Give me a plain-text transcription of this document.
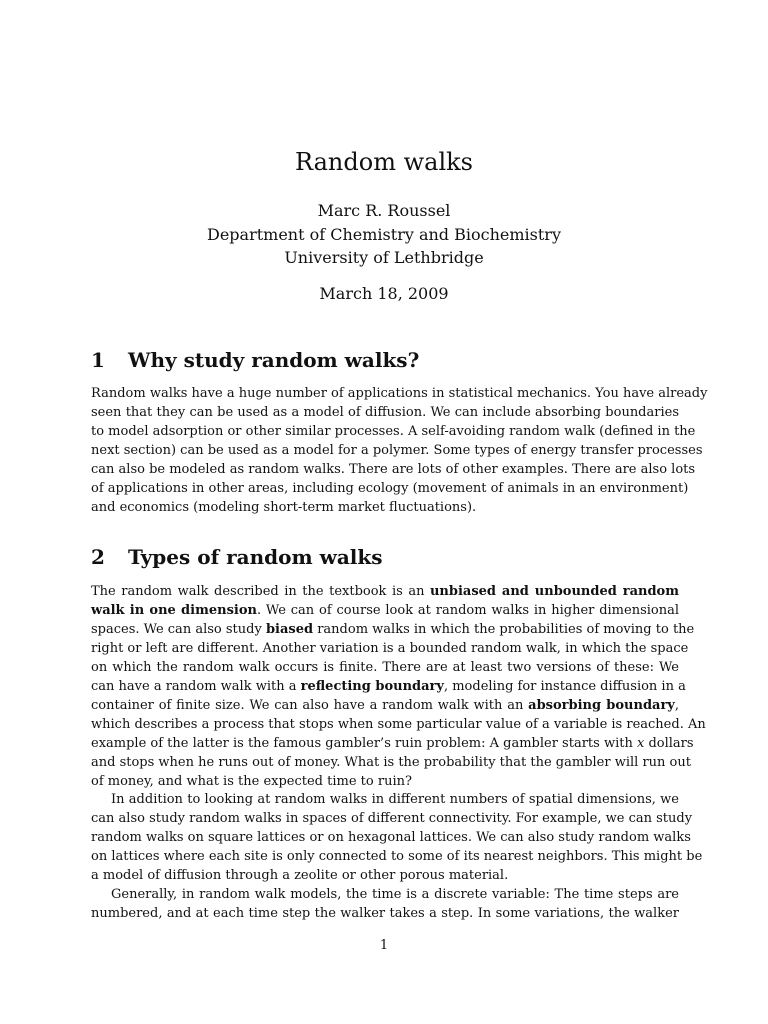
Random walks
Marc R. Roussel
Department of Chemistry and Biochemistry
University of Lethbridge
March 18, 2009
1 Why study random walks?
Random walks have a huge number of applications in statistical mechanics. You have already
seen that they can be used as a model of diffusion. We can include absorbing boundaries
to model adsorption or other similar processes. A self-avoiding random walk (defined in the
next section) can be used as a model for a polymer. Some types of energy transfer processes
can also be modeled as random walks. There are lots of other examples. There are also lots
of applications in other areas, including ecology (movement of animals in an environment)
and economics (modeling short-term market fluctuations).
2 Types of random walks
The random walk described in the textbook is an unbiased and unbounded random
walk in one dimension. We can of course look at random walks in higher dimensional
spaces. We can also study biased random walks in which the probabilities of moving to the
right or left are different. Another variation is a bounded random walk, in which the space
on which the random walk occurs is finite. There are at least two versions of these: We
can have a random walk with a reflecting boundary, modeling for instance diffusion in a
container of finite size. We can also have a random walk with an absorbing boundary,
which describes a process that stops when some particular value of a variable is reached. An
example of the latter is the famous gambler’s ruin problem: A gambler starts with x dollars
and stops when he runs out of money. What is the probability that the gambler will run out
of money, and what is the expected time to ruin?
In addition to looking at random walks in different numbers of spatial dimensions, we
can also study random walks in spaces of different connectivity. For example, we can study
random walks on square lattices or on hexagonal lattices. We can also study random walks
on lattices where each site is only connected to some of its nearest neighbors. This might be
a model of diffusion through a zeolite or other porous material.
Generally, in random walk models, the time is a discrete variable: The time steps are
numbered, and at each time step the walker takes a step. In some variations, the walker
1
